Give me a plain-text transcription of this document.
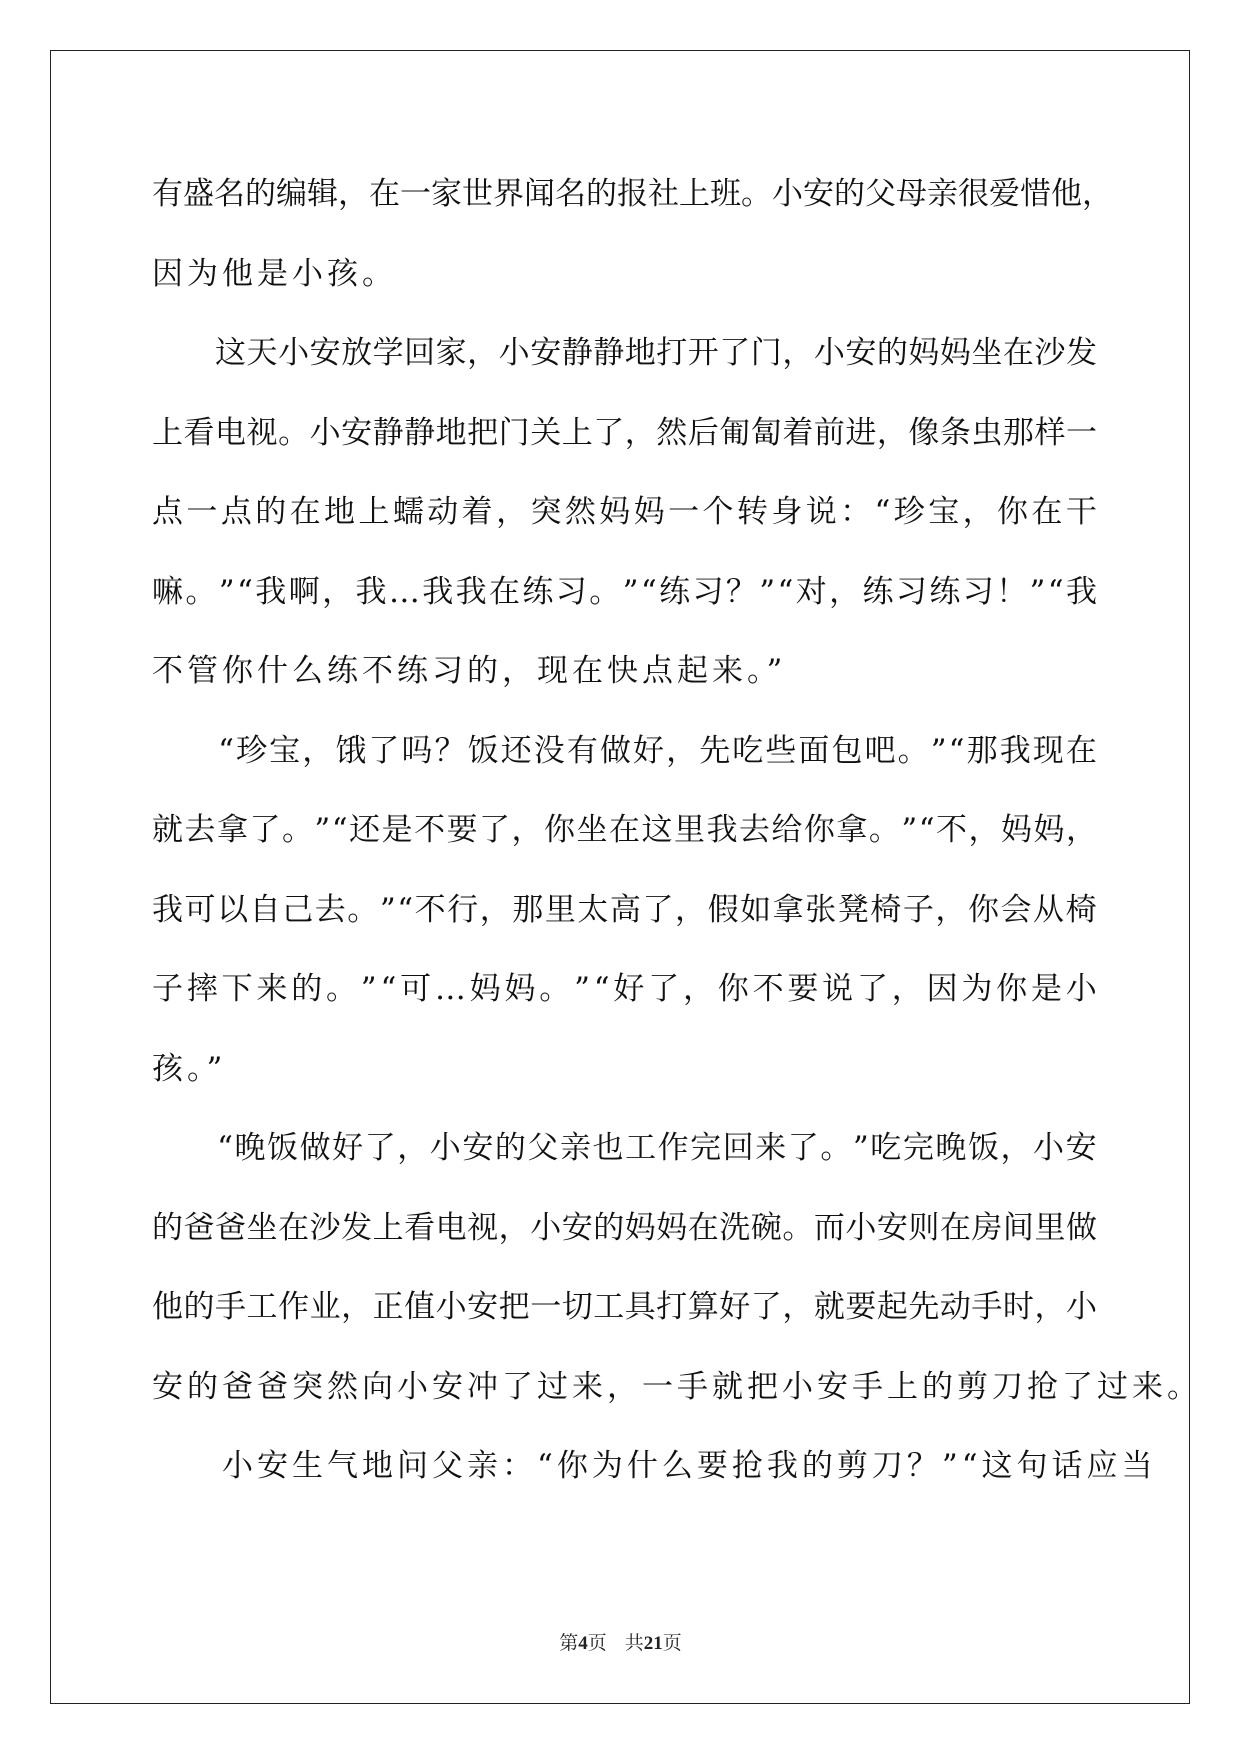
有 盛 名 的 编 辑 ， 在 一 家 世 界 闻 名 的 报 社 上 班 。 小 安 的 父 母 亲 很 爱 惜 他 ，
因为他是小孩。

这 天 小 安 放 学 回 家 ， 小 安 静 静 地 打 开 了 门 ， 小 安 的 妈 妈 坐 在 沙 发
上 看 电 视 。 小 安 静 静 地 把 门 关 上 了 ， 然 后 匍 匐 着 前 进 ， 像 条 虫 那 样 一
点 一 点 的 在 地 上 蠕 动 着 ， 突 然 妈 妈 一 个 转 身 说 ： “ 珍 宝 ， 你 在 干
嘛 。 ” “ 我 啊 ， 我 … 我 我 在 练 习 。 ” “ 练 习 ？ ” “ 对 ， 练 习 练 习 ！ ” “ 我
不管你什么练不练习的，现在快点起来。”

“ 珍 宝 ， 饿 了 吗 ？ 饭 还 没 有 做 好 ， 先 吃 些 面 包 吧 。 ” “ 那 我 现 在
就 去 拿 了 。 ” “ 还 是 不 要 了 ， 你 坐 在 这 里 我 去 给 你 拿 。 ” “ 不 ， 妈 妈 ，
我 可 以 自 己 去 。 ” “ 不 行 ， 那 里 太 高 了 ， 假 如 拿 张 凳 椅 子 ， 你 会 从 椅
子 摔 下 来 的 。 ” “ 可 … 妈 妈 。 ” “ 好 了 ， 你 不 要 说 了 ， 因 为 你 是 小
孩。”

“ 晚 饭 做 好 了 ， 小 安 的 父 亲 也 工 作 完 回 来 了 。 ” 吃 完 晚 饭 ， 小 安
的 爸 爸 坐 在 沙 发 上 看 电 视 ， 小 安 的 妈 妈 在 洗 碗 。 而 小 安 则 在 房 间 里 做
他 的 手 工 作 业 ， 正 值 小 安 把 一 切 工 具 打 算 好 了 ， 就 要 起 先 动 手 时 ， 小
安的爸爸突然向小安冲了过来，一手就把小安手上的剪刀抢了过来。
　　小安生气地问父亲：“你为什么要抢我的剪刀？”“这句话应当
第4页 共21页
